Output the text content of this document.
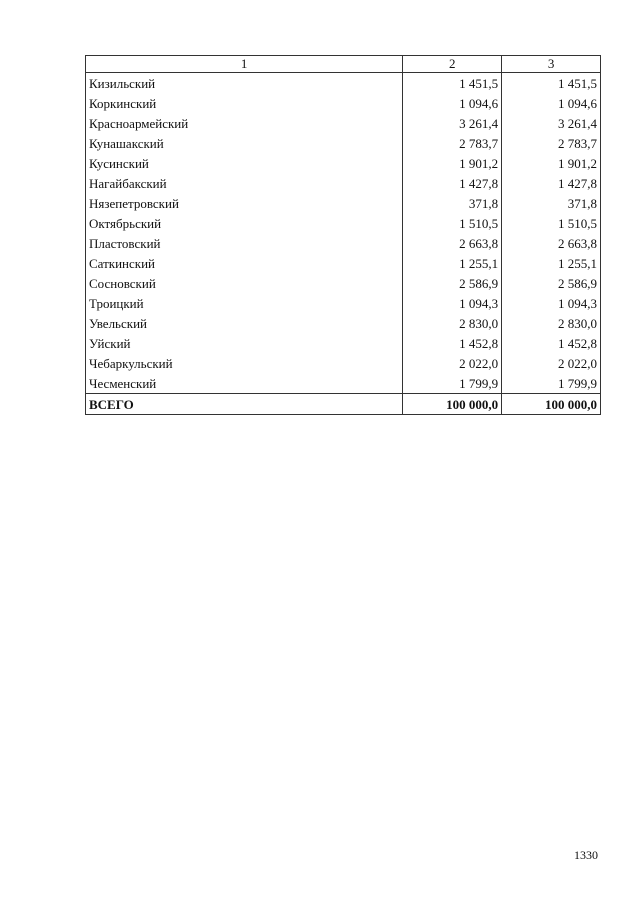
1	2	3
Кизильский	1 451,5	1 451,5
Коркинский	1 094,6	1 094,6
Красноармейский	3 261,4	3 261,4
Кунашакский	2 783,7	2 783,7
Кусинский	1 901,2	1 901,2
Нагайбакский	1 427,8	1 427,8
Нязепетровский	371,8	371,8
Октябрьский	1 510,5	1 510,5
Пластовский	2 663,8	2 663,8
Саткинский	1 255,1	1 255,1
Сосновский	2 586,9	2 586,9
Троицкий	1 094,3	1 094,3
Увельский	2 830,0	2 830,0
Уйский	1 452,8	1 452,8
Чебаркульский	2 022,0	2 022,0
Чесменский	1 799,9	1 799,9
ВСЕГО	100 000,0	100 000,0
1330
